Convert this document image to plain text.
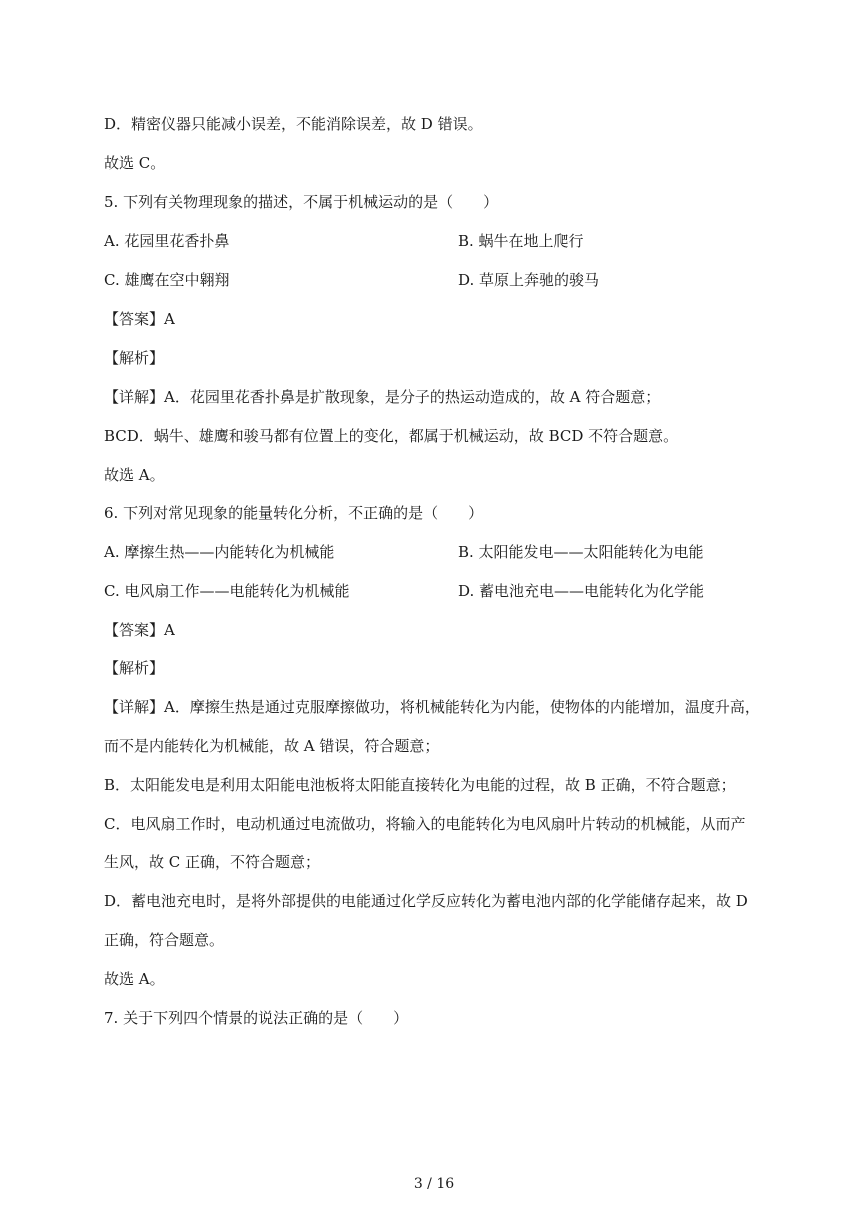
D．精密仪器只能减小误差，不能消除误差，故 D 错误。
故选 C。
5. 下列有关物理现象的描述，不属于机械运动的是（　　）
A. 花园里花香扑鼻	B. 蜗牛在地上爬行
C. 雄鹰在空中翱翔	D. 草原上奔驰的骏马
【答案】A
【解析】
【详解】A．花园里花香扑鼻是扩散现象，是分子的热运动造成的，故 A 符合题意；
BCD．蜗牛、雄鹰和骏马都有位置上的变化，都属于机械运动，故 BCD 不符合题意。
故选 A。
6. 下列对常见现象的能量转化分析，不正确的是（　　）
A. 摩擦生热——内能转化为机械能	B. 太阳能发电——太阳能转化为电能
C. 电风扇工作——电能转化为机械能	D. 蓄电池充电——电能转化为化学能
【答案】A
【解析】
【详解】A．摩擦生热是通过克服摩擦做功，将机械能转化为内能，使物体的内能增加，温度升高，
而不是内能转化为机械能，故 A 错误，符合题意；
B．太阳能发电是利用太阳能电池板将太阳能直接转化为电能的过程，故 B 正确，不符合题意；
C．电风扇工作时，电动机通过电流做功，将输入的电能转化为电风扇叶片转动的机械能，从而产
生风，故 C 正确，不符合题意；
D．蓄电池充电时，是将外部提供的电能通过化学反应转化为蓄电池内部的化学能储存起来，故 D
正确，符合题意。
故选 A。
7. 关于下列四个情景的说法正确的是（　　）
3 / 16
